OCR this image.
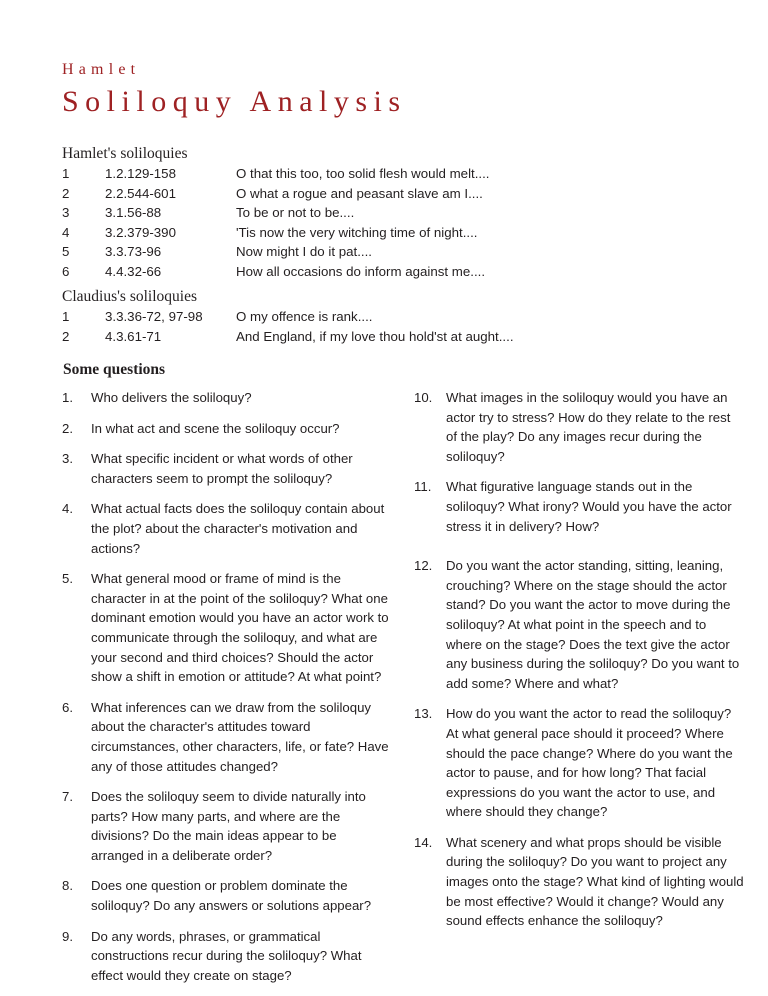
Hamlet
Soliloquy Analysis
Hamlet's soliloquies
1	1.2.129-158	O that this too, too solid flesh would melt....
2	2.2.544-601	O what a rogue and peasant slave am I....
3	3.1.56-88	To be or not to be....
4	3.2.379-390	'Tis now the very witching time of night....
5	3.3.73-96	Now might I do it pat....
6	4.4.32-66	How all occasions do inform against me....
Claudius's soliloquies
1	3.3.36-72, 97-98	O my offence is rank....
2	4.3.61-71	And England, if my love thou hold'st at aught....
Some questions
1.	Who delivers the soliloquy?
2.	In what act and scene the soliloquy occur?
3.	What specific incident or what words of other characters seem to prompt the soliloquy?
4.	What actual facts does the soliloquy contain about the plot? about the character's motivation and actions?
5.	What general mood or frame of mind is the character in at the point of the soliloquy? What one dominant emotion would you have an actor work to communicate through the soliloquy, and what are your second and third choices? Should the actor show a shift in emotion or attitude? At what point?
6.	What inferences can we draw from the soliloquy about the character's attitudes toward circumstances, other characters, life, or fate? Have any of those attitudes changed?
7.	Does the soliloquy seem to divide naturally into parts? How many parts, and where are the divisions? Do the main ideas appear to be arranged in a deliberate order?
8.	Does one question or problem dominate the soliloquy? Do any answers or solutions appear?
9.	Do any words, phrases, or grammatical constructions recur during the soliloquy? What effect would they create on stage?
10.	What images in the soliloquy would you have an actor try to stress? How do they relate to the rest of the play? Do any images recur during the soliloquy?
11.	What figurative language stands out in the soliloquy? What irony? Would you have the actor stress it in delivery? How?
12.	Do you want the actor standing, sitting, leaning, crouching? Where on the stage should the actor stand? Do you want the actor to move during the soliloquy? At what point in the speech and to where on the stage? Does the text give the actor any business during the soliloquy? Do you want to add some? Where and what?
13.	How do you want the actor to read the soliloquy? At what general pace should it proceed? Where should the pace change? Where do you want the actor to pause, and for how long? That facial expressions do you want the actor to use, and where should they change?
14.	What scenery and what props should be visible during the soliloquy? Do you want to project any images onto the stage? What kind of lighting would be most effective? Would it change? Would any sound effects enhance the soliloquy?
